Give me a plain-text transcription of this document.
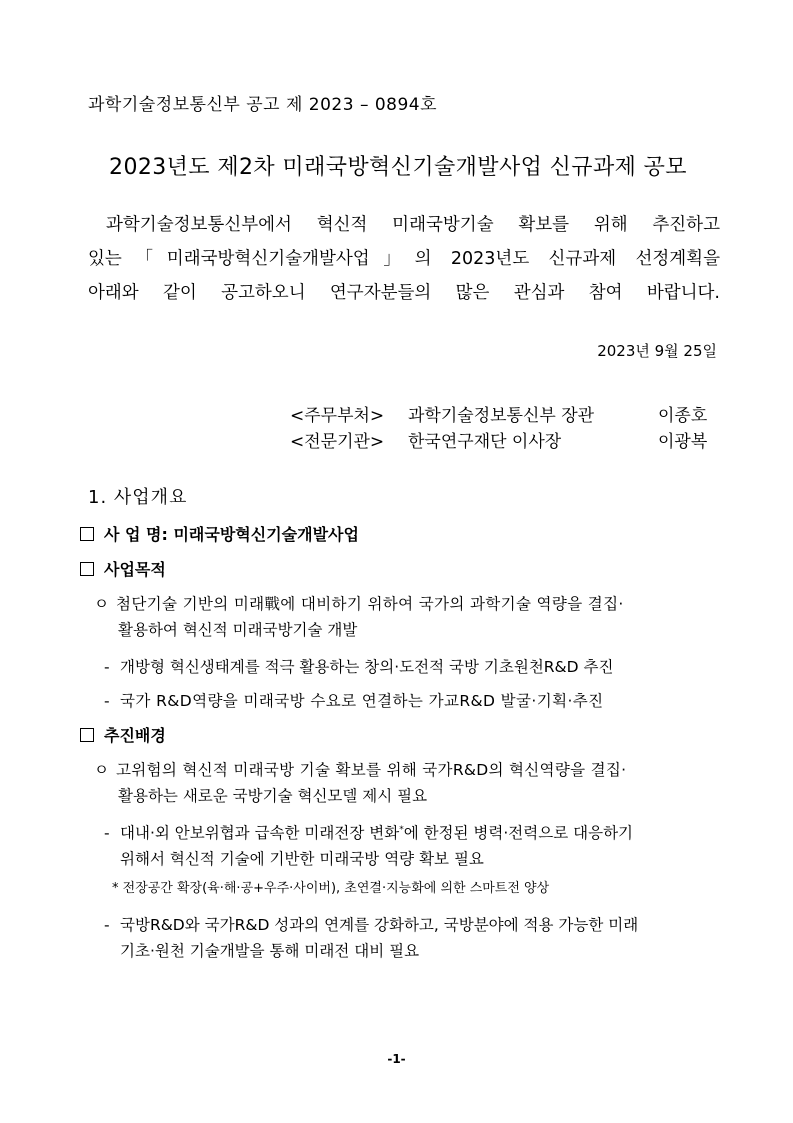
과학기술정보통신부 공고 제 2023 – 0894호
2023년도 제2차 미래국방혁신기술개발사업 신규과제 공모
과학기술정보통신부에서 혁신적 미래국방기술 확보를 위해 추진하고
있는「미래국방혁신기술개발사업」의 2023년도 신규과제 선정계획을
아래와 같이 공고하오니 연구자분들의 많은 관심과 참여 바랍니다.
2023년 9월 25일
<주무부처> 과학기술정보통신부 장관	이종호
<전문기관> 한국연구재단 이사장	이광복
1. 사업개요
사 업 명: 미래국방혁신기술개발사업
사업목적
ㅇ 첨단기술 기반의 미래戰에 대비하기 위하여 국가의 과학기술 역량을 결집·
활용하여 혁신적 미래국방기술 개발
- 개방형 혁신생태계를 적극 활용하는 창의·도전적 국방 기초원천R&D 추진
- 국가 R&D역량을 미래국방 수요로 연결하는 가교R&D 발굴·기획·추진
추진배경
ㅇ 고위험의 혁신적 미래국방 기술 확보를 위해 국가R&D의 혁신역량을 결집·
활용하는 새로운 국방기술 혁신모델 제시 필요
- 대내·외 안보위협과 급속한 미래전장 변화*에 한정된 병력·전력으로 대응하기
위해서 혁신적 기술에 기반한 미래국방 역량 확보 필요
* 전장공간 확장(육·해·공+우주·사이버), 초연결·지능화에 의한 스마트전 양상
- 국방R&D와 국가R&D 성과의 연계를 강화하고, 국방분야에 적용 가능한 미래
기초·원천 기술개발을 통해 미래전 대비 필요
-1-
